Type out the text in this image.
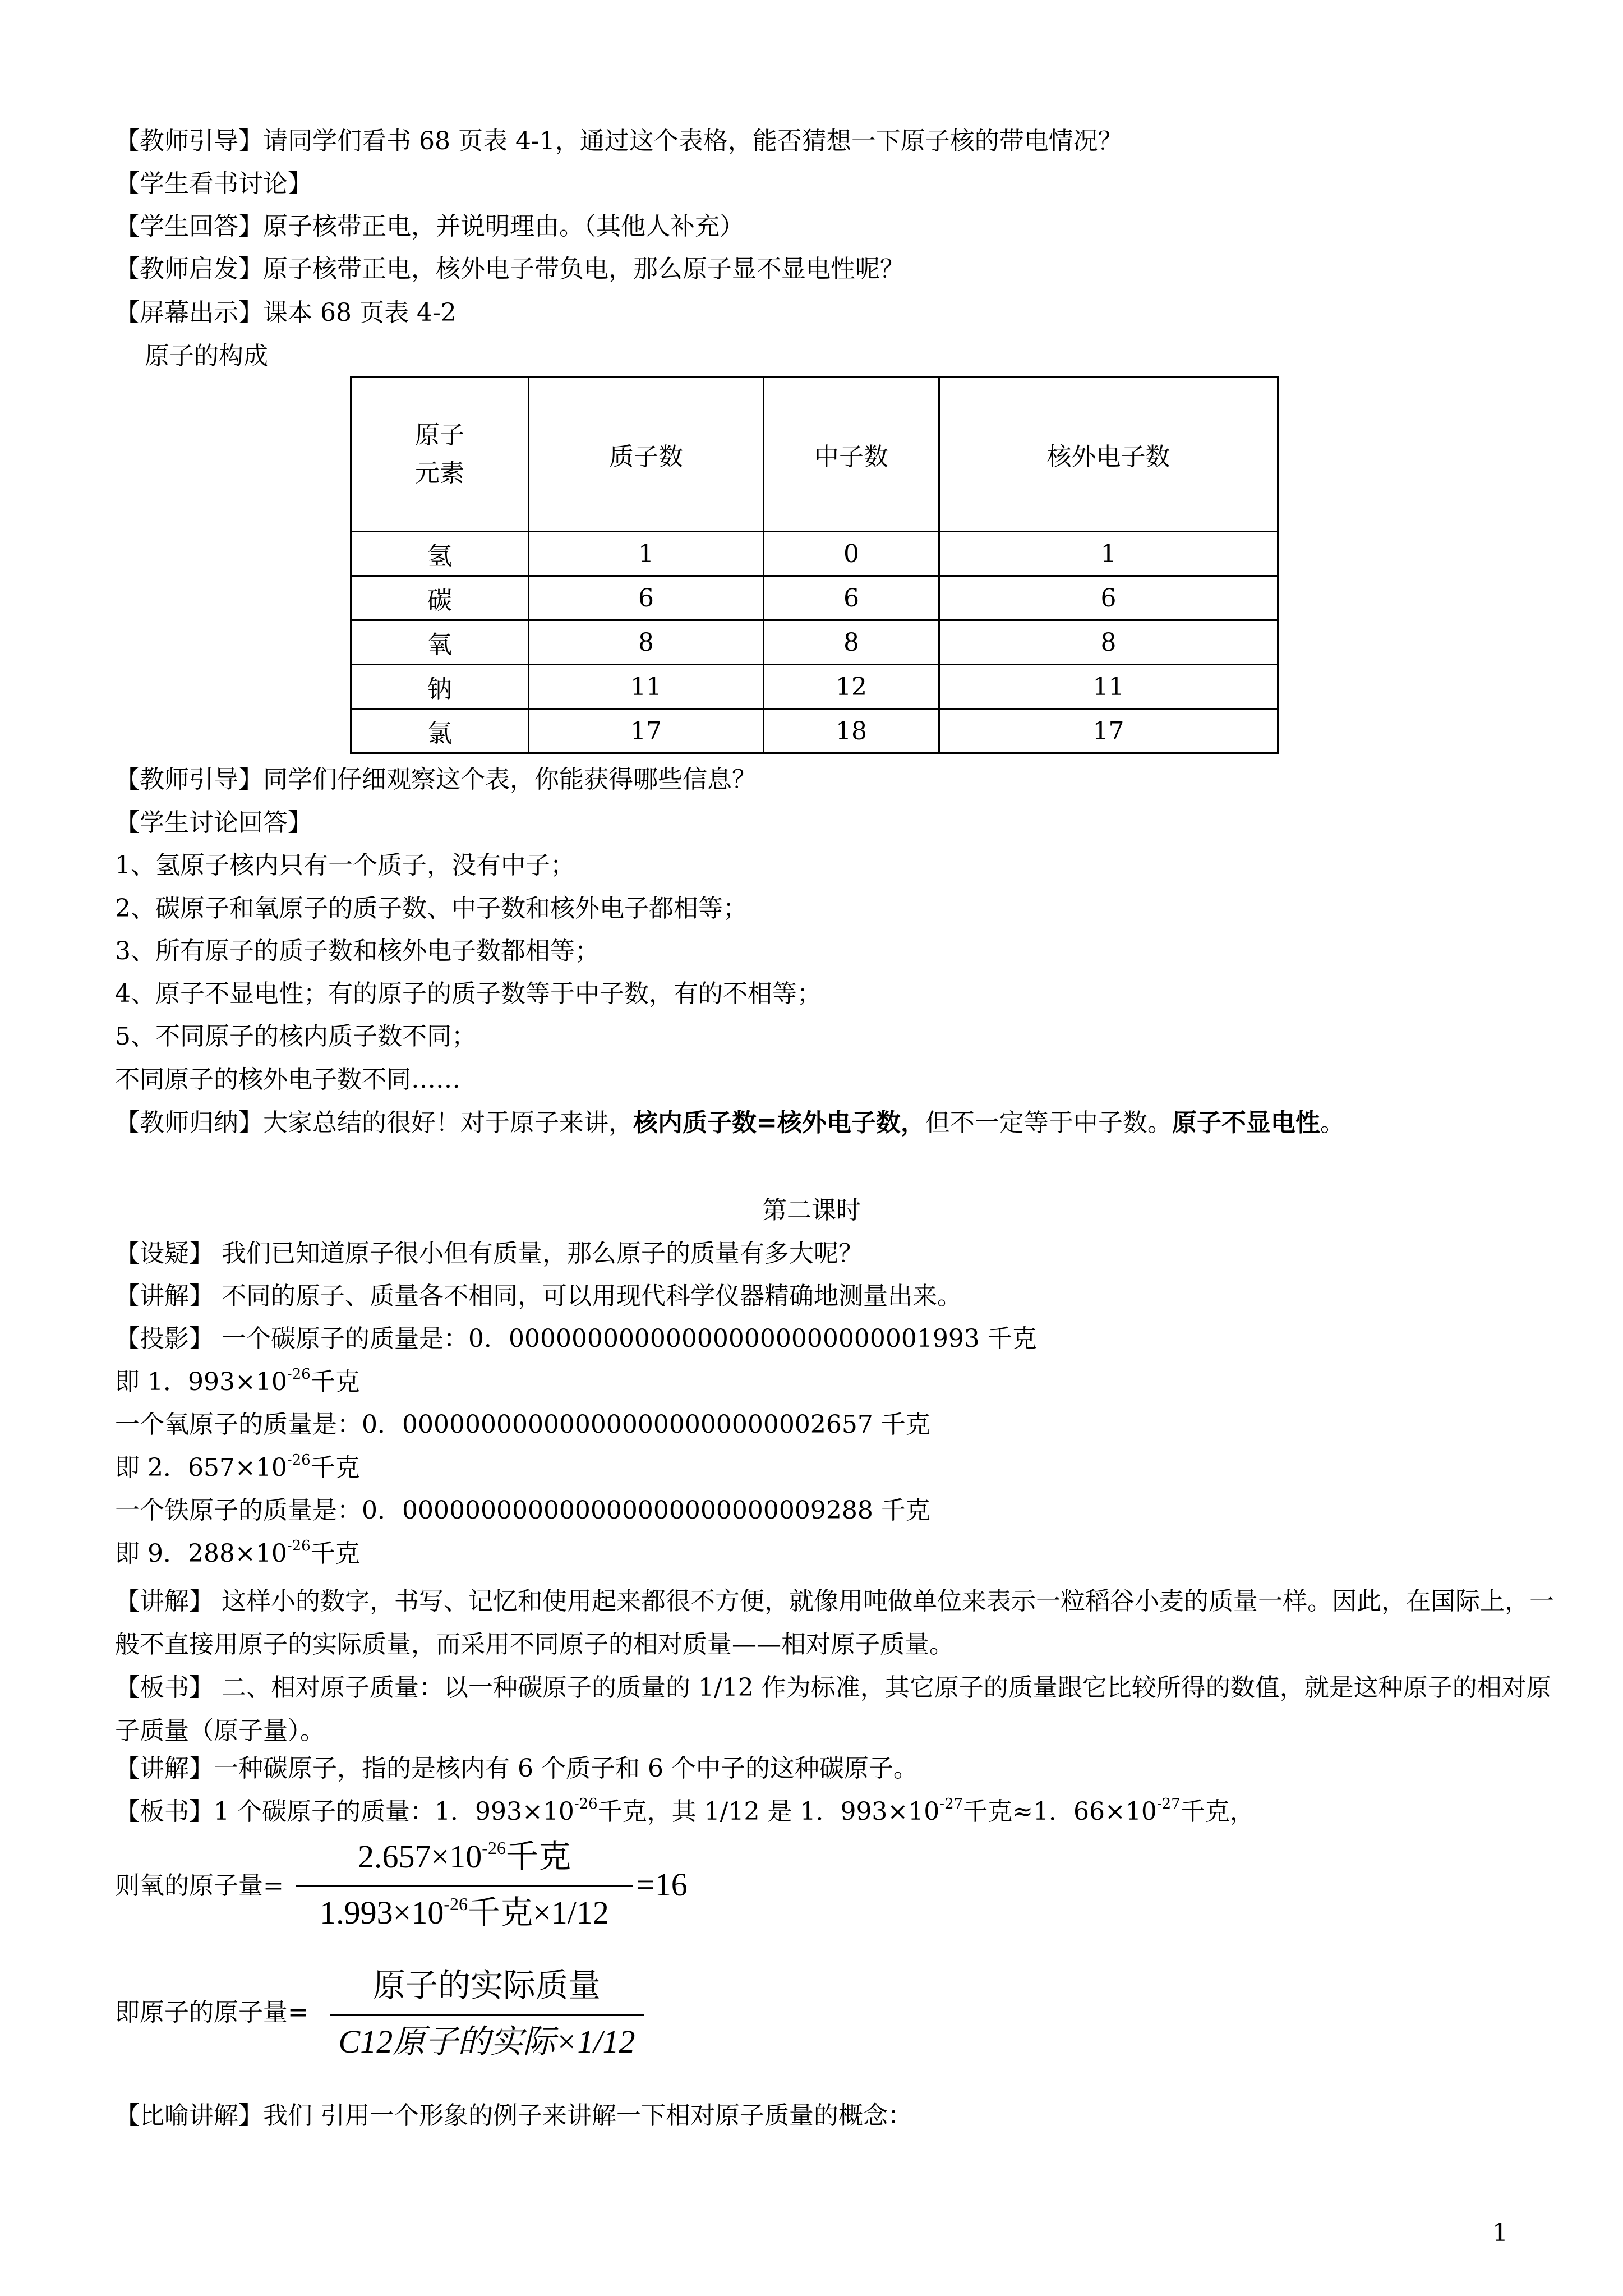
【教师引导】请同学们看书 68 页表 4-1，通过这个表格，能否猜想一下原子核的带电情况？
【学生看书讨论】
【学生回答】原子核带正电，并说明理由。（其他人补充）
【教师启发】原子核带正电，核外电子带负电，那么原子显不显电性呢？
【屏幕出示】课本 68 页表 4-2
原子的构成
原子
元素	质子数	中子数	核外电子数
氢	1	0	1
碳	6	6	6
氧	8	8	8
钠	11	12	11
氯	17	18	17
【教师引导】同学们仔细观察这个表，你能获得哪些信息？
【学生讨论回答】
1、氢原子核内只有一个质子，没有中子；
2、碳原子和氧原子的质子数、中子数和核外电子都相等；
3、所有原子的质子数和核外电子数都相等；
4、原子不显电性；有的原子的质子数等于中子数，有的不相等；
5、不同原子的核内质子数不同；
不同原子的核外电子数不同……
【教师归纳】大家总结的很好！对于原子来讲，核内质子数=核外电子数，但不一定等于中子数。原子不显电性。
第二课时
【设疑】 我们已知道原子很小但有质量，那么原子的质量有多大呢？
【讲解】 不同的原子、质量各不相同，可以用现代科学仪器精确地测量出来。
【投影】 一个碳原子的质量是：0．000000000000000000000000001993 千克
即 1．$993\times 10^{-26}$千克
一个氧原子的质量是：0．000000000000000000000000002657 千克
即 2．$657\times 10^{-26}$千克
一个铁原子的质量是：0．000000000000000000000000009288 千克
即 9．$288\times 10^{-26}$千克
【讲解】 这样小的数字，书写、记忆和使用起来都很不方便，就像用吨做单位来表示一粒稻谷小麦的质量一样。因此，在国际上，一般不直接用原子的实际质量，而采用不同原子的相对质量——相对原子质量。
【板书】 二、相对原子质量：以一种碳原子的质量的 1/12 作为标准，其它原子的质量跟它比较所得的数值，就是这种原子的相对原子质量（原子量）。
【讲解】一种碳原子，指的是核内有 6 个质子和 6 个中子的这种碳原子。
【板书】1 个碳原子的质量：1．$993\times 10^{-26}$千克，其 1/12 是 1．$993\times 10^{-27}$千克≈1．$66\times 10^{-27}$千克，
则氧的原子量=
$2.657\times 10^{-26}$千克
$1.993\times 10^{-26}$千克×1/12
=16
即原子的原子量=
原子的实际质量
C12原子的实际×1/12
【比喻讲解】我们 引用一个形象的例子来讲解一下相对原子质量的概念：
1
